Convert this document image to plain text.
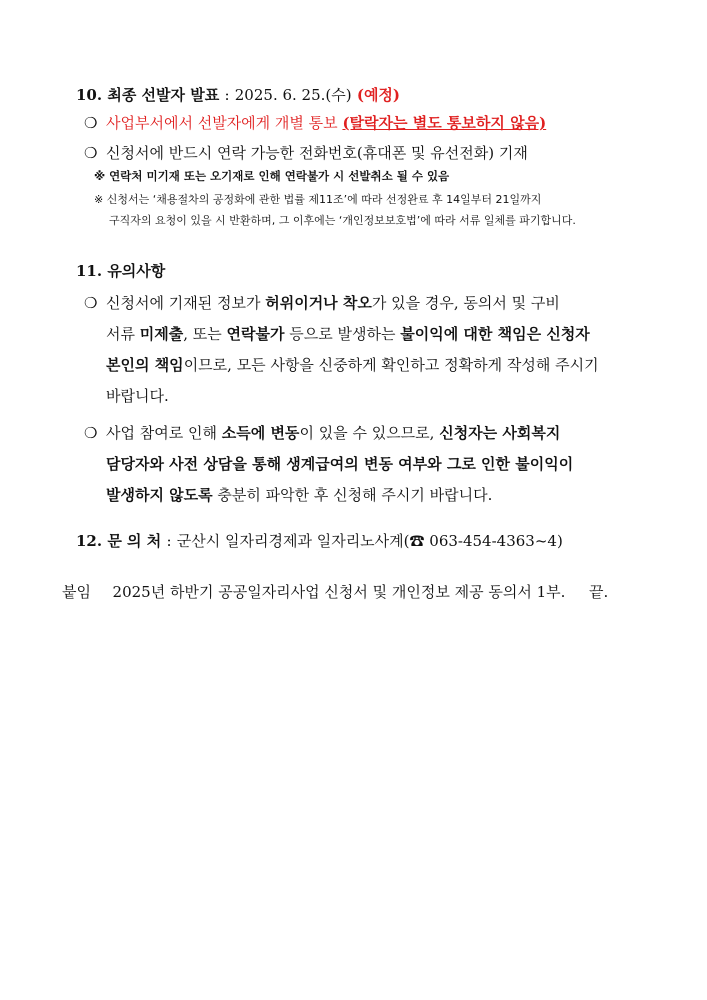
10. 최종 선발자 발표 : 2025. 6. 25.(수) (예정)
❍ 사업부서에서 선발자에게 개별 통보 (탈락자는 별도 통보하지 않음)
❍ 신청서에 반드시 연락 가능한 전화번호(휴대폰 및 유선전화) 기재
※ 연락처 미기재 또는 오기재로 인해 연락불가 시 선발취소 될 수 있음
※ 신청서는 ‘채용절차의 공정화에 관한 법률 제11조’에 따라 선정완료 후 14일부터 21일까지
구직자의 요청이 있을 시 반환하며, 그 이후에는 ‘개인정보보호법’에 따라 서류 일체를 파기합니다.
11. 유의사항
❍ 신청서에 기재된 정보가 허위이거나 착오가 있을 경우, 동의서 및 구비
서류 미제출, 또는 연락불가 등으로 발생하는 불이익에 대한 책임은 신청자
본인의 책임이므로, 모든 사항을 신중하게 확인하고 정확하게 작성해 주시기
바랍니다.
❍ 사업 참여로 인해 소득에 변동이 있을 수 있으므로, 신청자는 사회복지
담당자와 사전 상담을 통해 생계급여의 변동 여부와 그로 인한 불이익이
발생하지 않도록 충분히 파악한 후 신청해 주시기 바랍니다.
12. 문 의 처 : 군산시 일자리경제과 일자리노사계(☎ 063-454-4363~4)
붙임 2025년 하반기 공공일자리사업 신청서 및 개인정보 제공 동의서 1부. 끝.
